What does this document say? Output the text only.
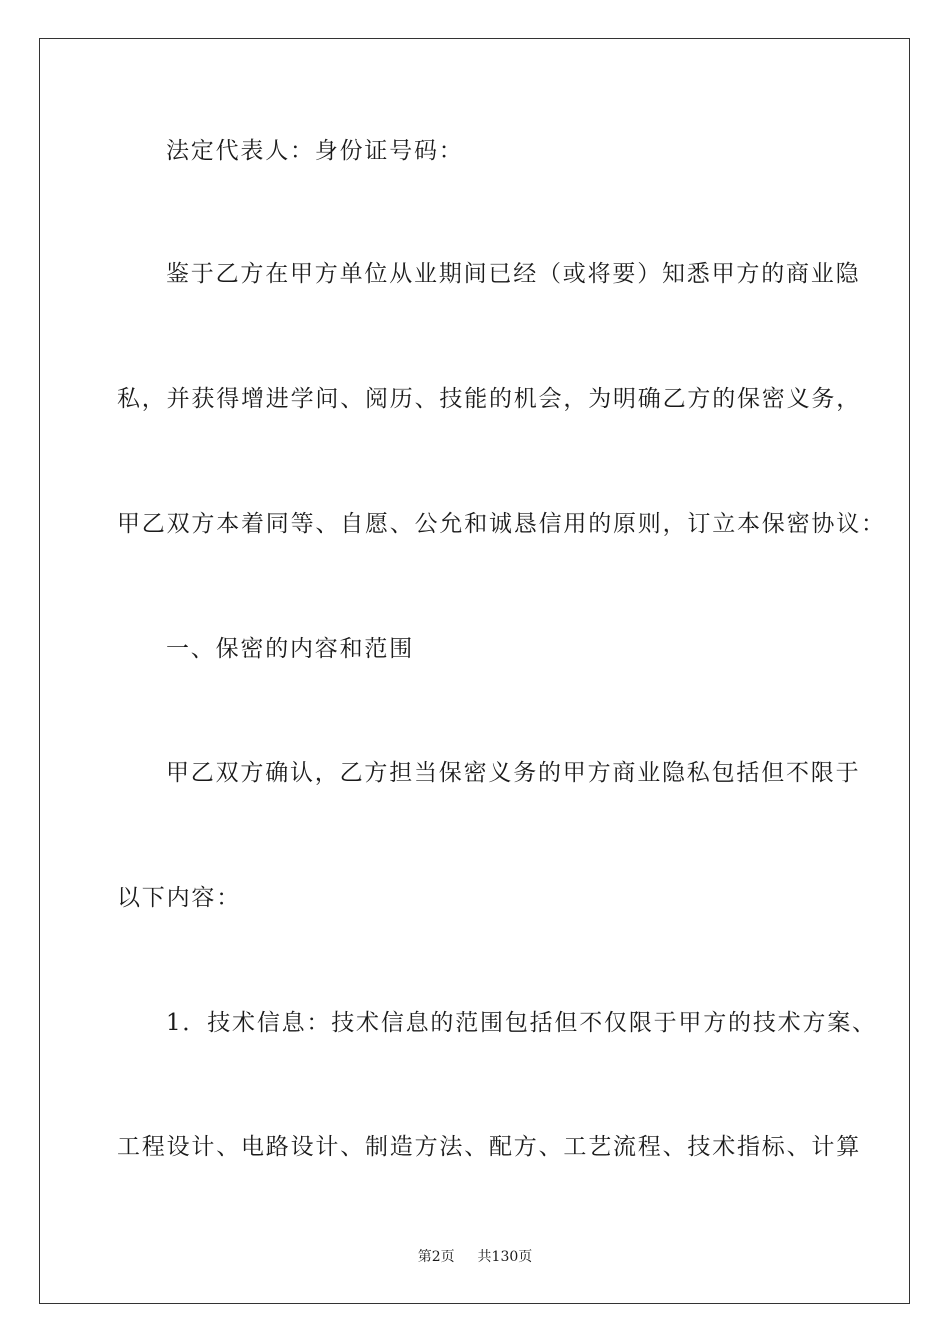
法定代表人：身份证号码：

鉴于乙方在甲方单位从业期间已经（或将要）知悉甲方的商业隐

私，并获得增进学问、阅历、技能的机会，为明确乙方的保密义务，

甲乙双方本着同等、自愿、公允和诚恳信用的原则，订立本保密协议：

一、保密的内容和范围

甲乙双方确认，乙方担当保密义务的甲方商业隐私包括但不限于

以下内容：

1．技术信息：技术信息的范围包括但不仅限于甲方的技术方案、

工程设计、电路设计、制造方法、配方、工艺流程、技术指标、计算

第2页 共130页
